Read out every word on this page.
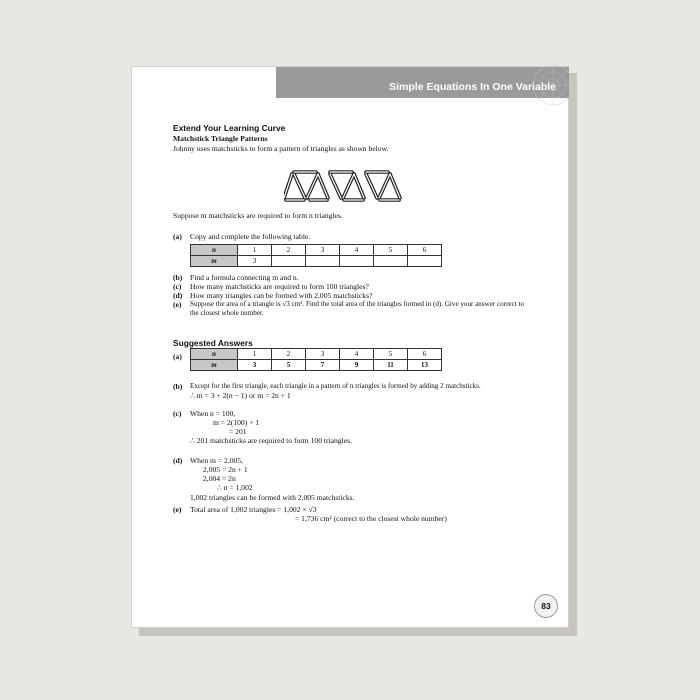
Simple Equations In One Variable
Extend Your Learning Curve
Matchstick Triangle Patterns
Johnny uses matchsticks to form a pattern of triangles as shown below.
Suppose m matchsticks are required to form n triangles.
(a) Copy and complete the following table.
n	1	2	3	4	5	6
m	3					
(b) Find a formula connecting m and n.
(c) How many matchsticks are required to form 100 triangles?
(d) How many triangles can be formed with 2,005 matchsticks?
(e) Suppose the area of a triangle is √3 cm². Find the total area of the triangles formed in (d). Give your answer correct to
the closest whole number.
Suggested Answers
(a)	n	1	2	3	4	5	6
m	3	5	7	9	11	13
(b) Except for the first triangle, each triangle in a pattern of n triangles is formed by adding 2 matchsticks.
∴ m = 3 + 2(n − 1) or m = 2n + 1
(c) When n = 100,
m = 2(100) + 1
= 201
∴ 201 matchsticks are required to form 100 triangles.
(d) When m = 2,005,
2,005 = 2n + 1
2,004 = 2n
∴ n = 1,002
1,002 triangles can be formed with 2,005 matchsticks.
(e) Total area of 1,002 triangles = 1,002 × √3
= 1,736 cm² (correct to the closest whole number)
83
